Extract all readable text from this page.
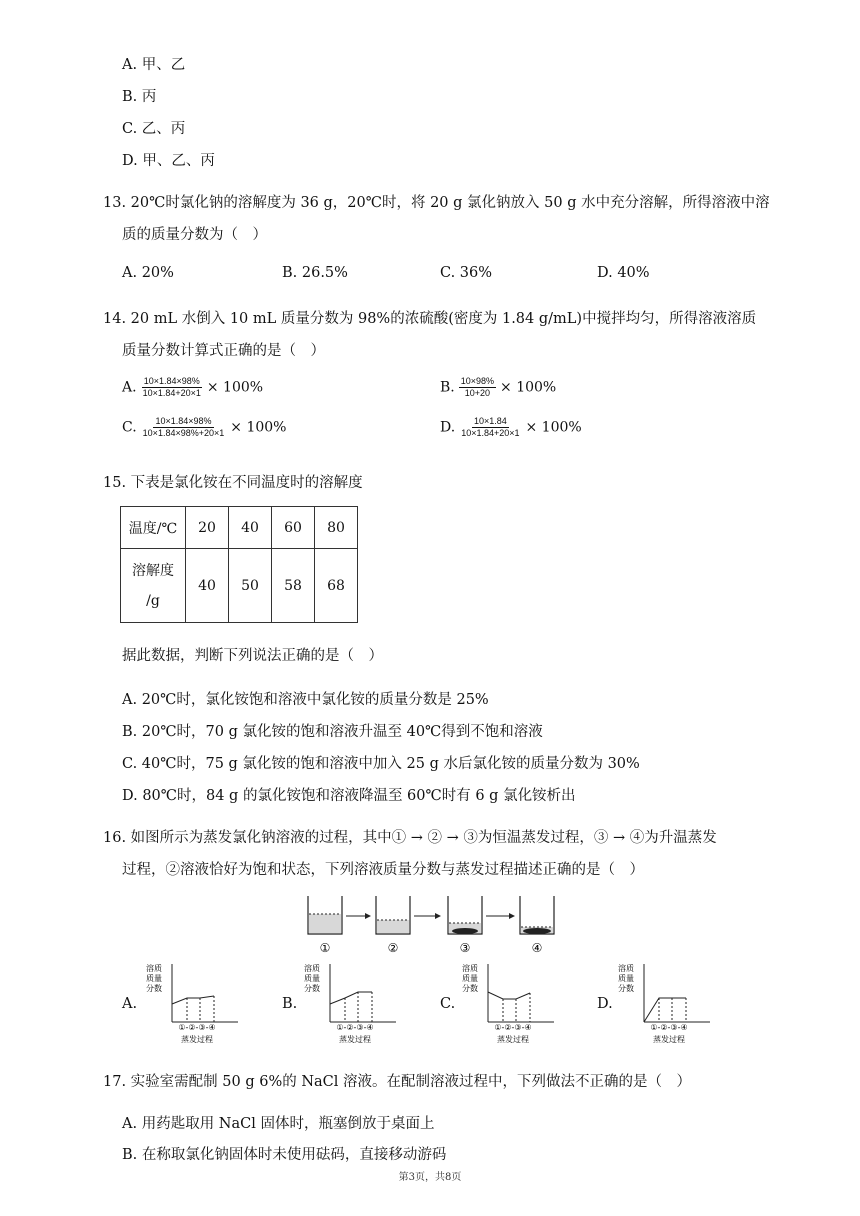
A. 甲、乙
B. 丙
C. 乙、丙
D. 甲、乙、丙
13. 20℃时氯化钠的溶解度为 36 g，20℃时，将 20 g 氯化钠放入 50 g 水中充分溶解，所得溶液中溶
质的质量分数为（　）
A. 20%	B. 26.5%	C. 36%	D. 40%
14. 20 mL 水倒入 10 mL 质量分数为 98%的浓硫酸(密度为 1.84 g/mL)中搅拌均匀，所得溶液溶质
质量分数计算式正确的是（　）
A. $\frac{10\times 1.84\times 98\%}{10\times 1.84+20\times 1} \times 100\%$	B. $\frac{10\times 98\%}{10+20} \times 100\%$
C. $\frac{10\times 1.84\times 98\%}{10\times 1.84\times 98\%+20\times 1} \times 100\%$	D. $\frac{10\times 1.84}{10\times 1.84+20\times 1} \times 100\%$
15. 下表是氯化铵在不同温度时的溶解度
温度/℃	20	40	60	80

溶解度
/g	40	50	58	68
据此数据，判断下列说法正确的是（　）
A. 20℃时，氯化铵饱和溶液中氯化铵的质量分数是 25%
B. 20℃时，70 g 氯化铵的饱和溶液升温至 40℃得到不饱和溶液
C. 40℃时，75 g 氯化铵的饱和溶液中加入 25 g 水后氯化铵的质量分数为 30%
D. 80℃时，84 g 的氯化铵饱和溶液降温至 60℃时有 6 g 氯化铵析出
16. 如图所示为蒸发氯化钠溶液的过程，其中① → ② → ③为恒温蒸发过程，③ → ④为升温蒸发
过程，②溶液恰好为饱和状态，下列溶液质量分数与蒸发过程描述正确的是（　）
①	②	③	④
A.	B.	C.	D.
溶质
质量
分数
①-②-③-④
蒸发过程
溶质
质量
分数
①-②-③-④
蒸发过程
溶质
质量
分数
①-②-③-④
蒸发过程
溶质
质量
分数
①-②-③-④
蒸发过程
17. 实验室需配制 50 g 6%的 NaCl 溶液。在配制溶液过程中，下列做法不正确的是（　）
A. 用药匙取用 NaCl 固体时，瓶塞倒放于桌面上
B. 在称取氯化钠固体时未使用砝码，直接移动游码
第3页，共8页
